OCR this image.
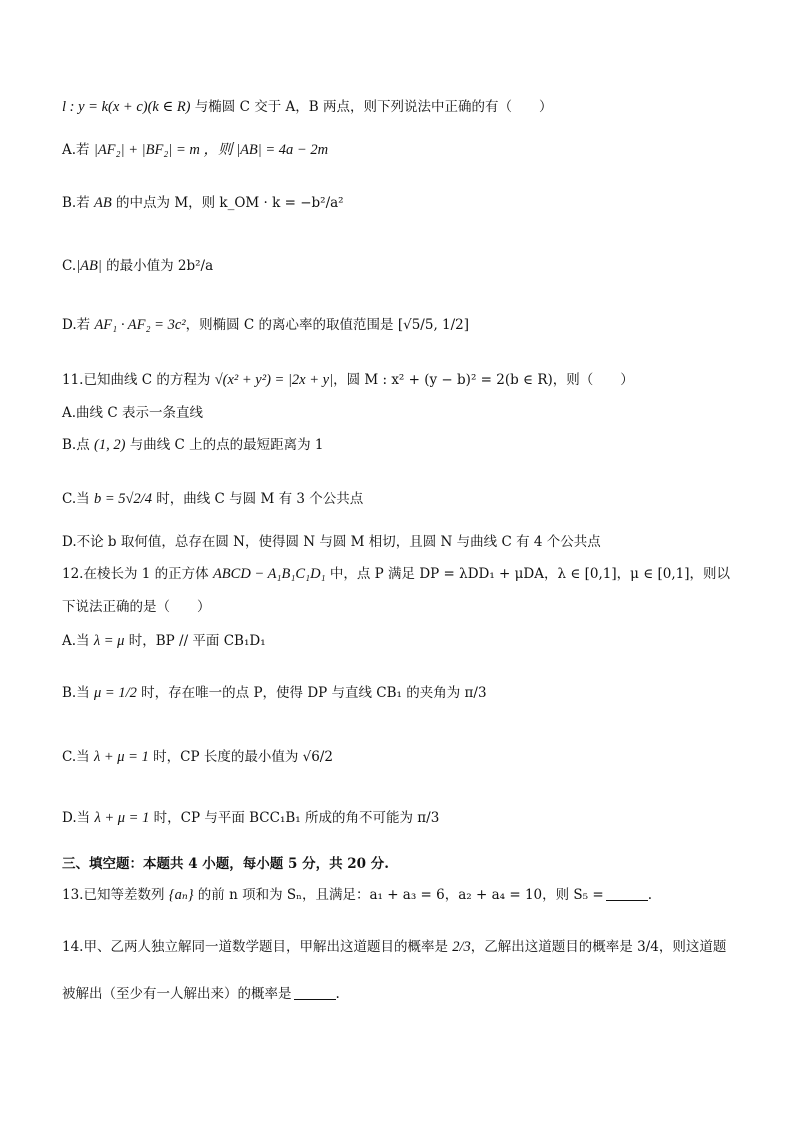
l : y = k(x + c)(k ∈ R) 与椭圆 C 交于 A，B 两点，则下列说法中正确的有（　　）
A.若 |AF₂| + |BF₂| = m ，则 |AB| = 4a − 2m
B.若 AB 的中点为 M，则 k_OM · k = −b²/a²
C.|AB| 的最小值为 2b²/a
D.若 AF₁ · AF₂ = 3c²，则椭圆 C 的离心率的取值范围是 [√5/5, 1/2]
11.已知曲线 C 的方程为 √(x² + y²) = |2x + y|，圆 M : x² + (y − b)² = 2(b ∈ R)，则（　　）
A.曲线 C 表示一条直线
B.点 (1, 2) 与曲线 C 上的点的最短距离为 1
C.当 b = 5√2/4 时，曲线 C 与圆 M 有 3 个公共点
D.不论 b 取何值，总存在圆 N，使得圆 N 与圆 M 相切，且圆 N 与曲线 C 有 4 个公共点
12.在棱长为 1 的正方体 ABCD − A₁B₁C₁D₁ 中，点 P 满足 DP = λDD₁ + μDA，λ ∈ [0,1]，μ ∈ [0,1]，则以
下说法正确的是（　　）
A.当 λ = μ 时，BP // 平面 CB₁D₁
B.当 μ = 1/2 时，存在唯一的点 P，使得 DP 与直线 CB₁ 的夹角为 π/3
C.当 λ + μ = 1 时，CP 长度的最小值为 √6/2
D.当 λ + μ = 1 时，CP 与平面 BCC₁B₁ 所成的角不可能为 π/3
三、填空题：本题共 4 小题，每小题 5 分，共 20 分.
13.已知等差数列 {aₙ} 的前 n 项和为 Sₙ，且满足：a₁ + a₃ = 6，a₂ + a₄ = 10，则 S₅ =	.
14.甲、乙两人独立解同一道数学题目，甲解出这道题目的概率是 2/3，乙解出这道题目的概率是 3/4，则这道题
被解出（至少有一人解出来）的概率是	.
